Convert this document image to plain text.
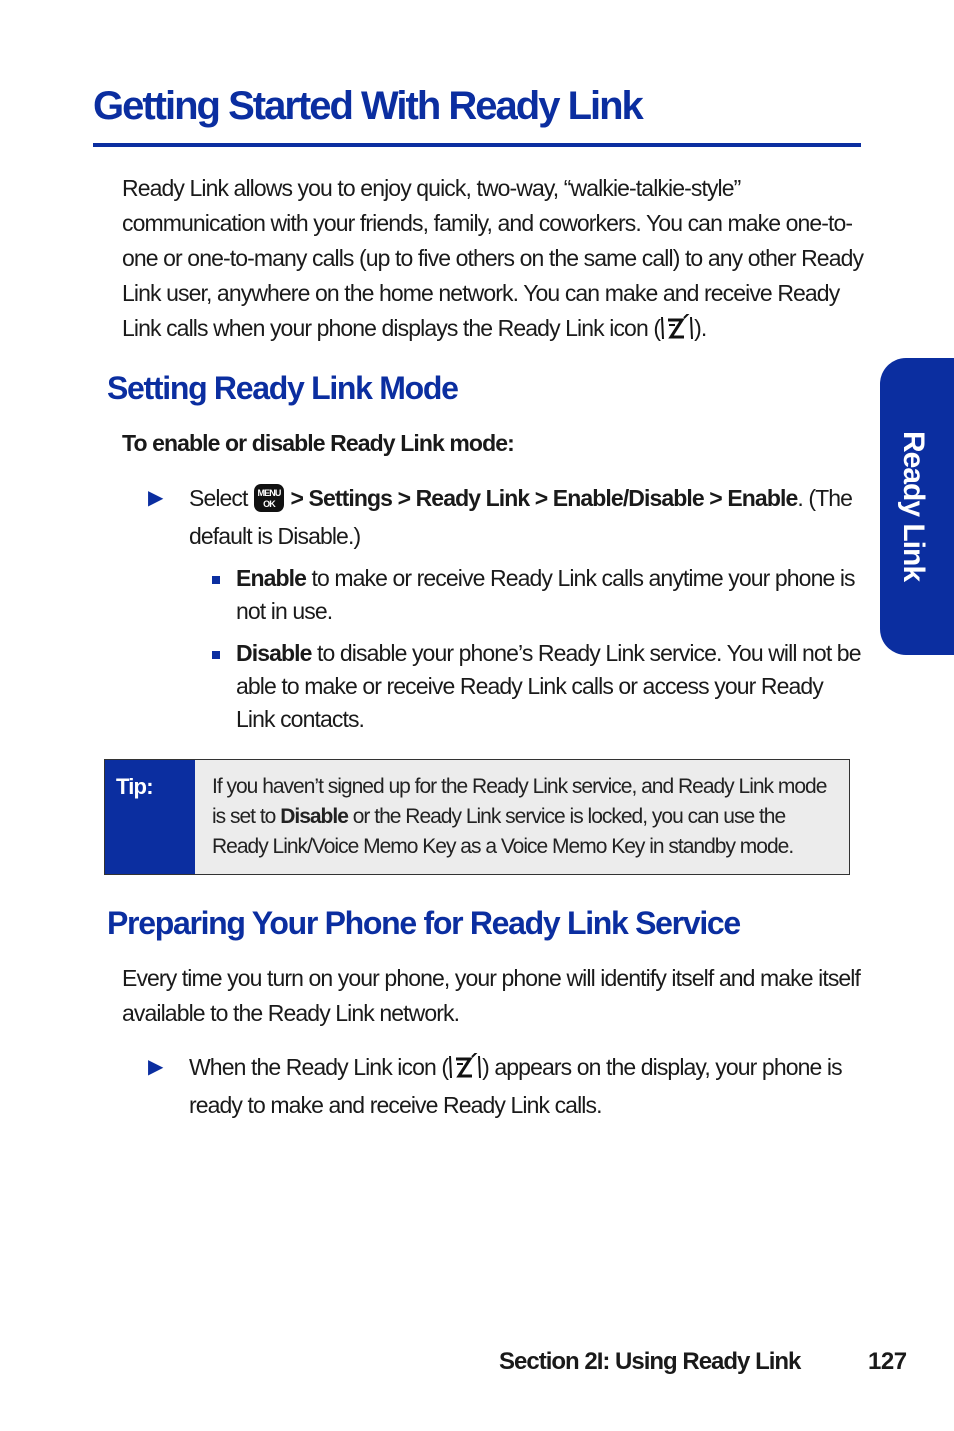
Getting Started With Ready Link

Ready Link allows you to enjoy quick, two-way, “walkie-talkie-style” communication with your friends, family, and coworkers. You can make one-to-one or one-to-many calls (up to five others on the same call) to any other Ready Link user, anywhere on the home network. You can make and receive Ready Link calls when your phone displays the Ready Link icon ( ).

Setting Ready Link Mode

To enable or disable Ready Link mode:

▶ Select MENU
OK > Settings > Ready Link > Enable/Disable > Enable. (The default is Disable.)
Enable to make or receive Ready Link calls anytime your phone is not in use.
Disable to disable your phone’s Ready Link service. You will not be able to make or receive Ready Link calls or access your Ready Link contacts.
Tip:	If you haven’t signed up for the Ready Link service, and Ready Link mode is set to Disable or the Ready Link service is locked, you can use the Ready Link/Voice Memo Key as a Voice Memo Key in standby mode.
Preparing Your Phone for Ready Link Service

Every time you turn on your phone, your phone will identify itself and make itself available to the Ready Link network.

▶ When the Ready Link icon ( ) appears on the display, your phone is ready to make and receive Ready Link calls.
Ready Link
Section 2I: Using Ready Link	127
